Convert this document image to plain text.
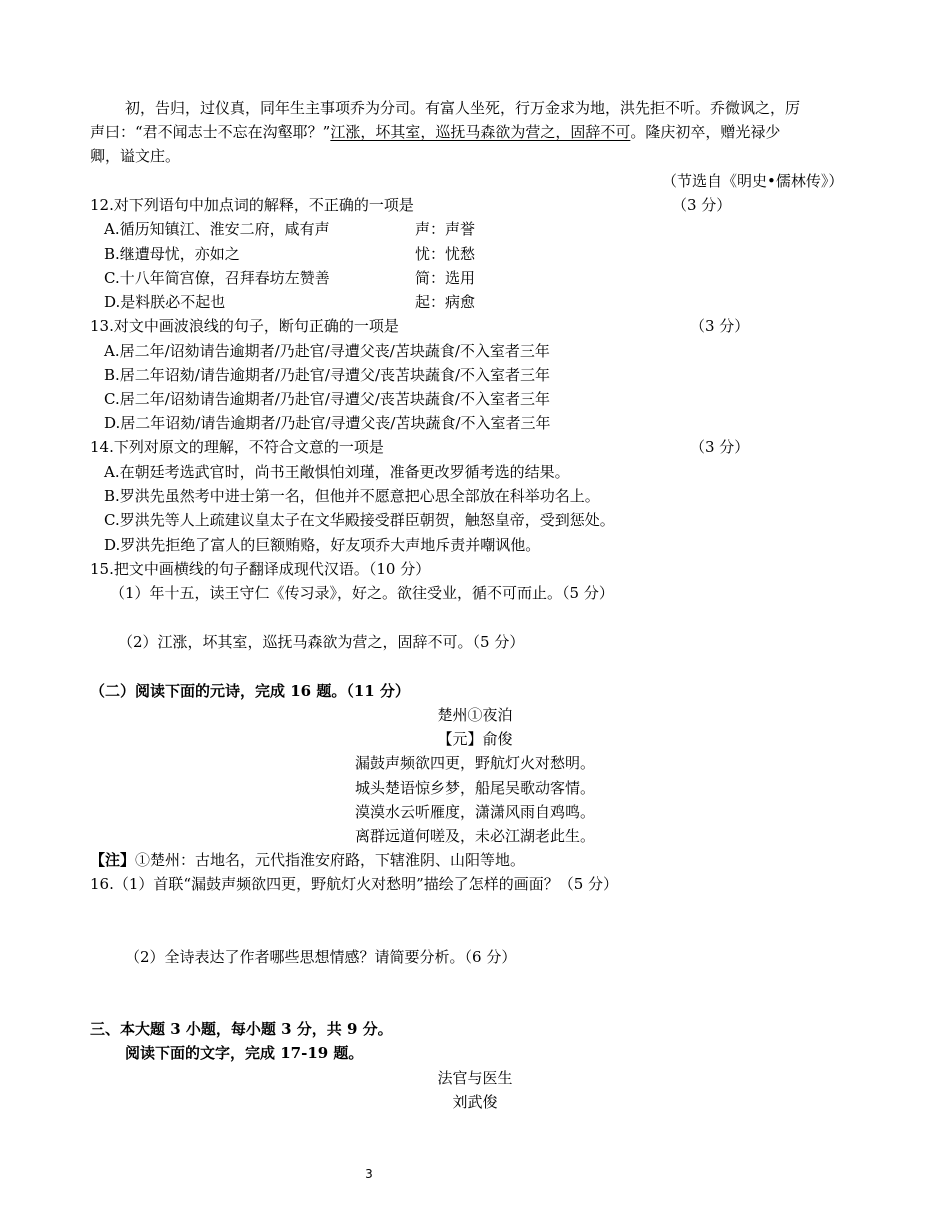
初，告归，过仪真，同年生主事项乔为分司。有富人坐死，行万金求为地，洪先拒不听。乔微讽之，厉
声曰：“君不闻志士不忘在沟壑耶？”江涨，坏其室，巡抚马森欲为营之，固辞不可。隆庆初卒，赠光禄少
卿，谥文庄。
（节选自《明史•儒林传》）
12.对下列语句中加点词的解释，不正确的一项是	（3 分）
A.循历知镇江、淮安二府，咸有声	声：声誉
B.继遭母忧，亦如之	忧：忧愁
C.十八年简宫僚，召拜春坊左赞善	简：选用
D.是料朕必不起也	起：病愈
13.对文中画波浪线的句子，断句正确的一项是	（3 分）
A.居二年/诏劾请告逾期者/乃赴官/寻遭父丧/苫块蔬食/不入室者三年
B.居二年诏劾/请告逾期者/乃赴官/寻遭父/丧苫块蔬食/不入室者三年
C.居二年/诏劾请告逾期者/乃赴官/寻遭父/丧苫块蔬食/不入室者三年
D.居二年诏劾/请告逾期者/乃赴官/寻遭父丧/苫块蔬食/不入室者三年
14.下列对原文的理解，不符合文意的一项是	（3 分）
A.在朝廷考选武官时，尚书王敞惧怕刘瑾，准备更改罗循考选的结果。
B.罗洪先虽然考中进士第一名，但他并不愿意把心思全部放在科举功名上。
C.罗洪先等人上疏建议皇太子在文华殿接受群臣朝贺，触怒皇帝，受到惩处。
D.罗洪先拒绝了富人的巨额贿赂，好友项乔大声地斥责并嘲讽他。
15.把文中画横线的句子翻译成现代汉语。（10 分）
（1）年十五，读王守仁《传习录》，好之。欲往受业，循不可而止。（5 分）
（2）江涨，坏其室，巡抚马森欲为营之，固辞不可。（5 分）
（二）阅读下面的元诗，完成 16 题。（11 分）
楚州①夜泊
【元】俞俊
漏鼓声频欲四更，野航灯火对愁明。
城头楚语惊乡梦，船尾吴歌动客情。
漠漠水云听雁度，潇潇风雨自鸡鸣。
离群远道何嗟及，未必江湖老此生。
【注】①楚州：古地名，元代指淮安府路，下辖淮阴、山阳等地。
16.（1）首联“漏鼓声频欲四更，野航灯火对愁明”描绘了怎样的画面？（5 分）
（2）全诗表达了作者哪些思想情感？请简要分析。（6 分）
三、本大题 3 小题，每小题 3 分，共 9 分。
阅读下面的文字，完成 17-19 题。
法官与医生
刘武俊
3
